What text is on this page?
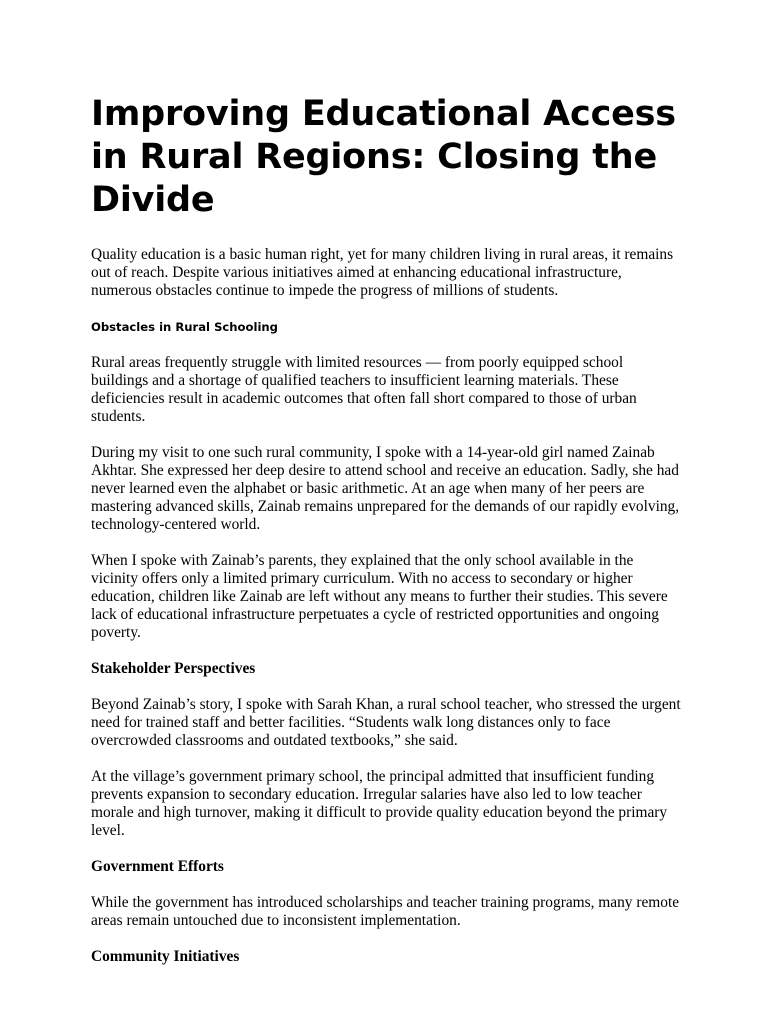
Improving Educational Access in Rural Regions: Closing the Divide

Quality education is a basic human right, yet for many children living in rural areas, it remains out of reach. Despite various initiatives aimed at enhancing educational infrastructure, numerous obstacles continue to impede the progress of millions of students.

Obstacles in Rural Schooling

Rural areas frequently struggle with limited resources — from poorly equipped school buildings and a shortage of qualified teachers to insufficient learning materials. These deficiencies result in academic outcomes that often fall short compared to those of urban students.

During my visit to one such rural community, I spoke with a 14-year-old girl named Zainab Akhtar. She expressed her deep desire to attend school and receive an education. Sadly, she had never learned even the alphabet or basic arithmetic. At an age when many of her peers are mastering advanced skills, Zainab remains unprepared for the demands of our rapidly evolving, technology-centered world.

When I spoke with Zainab’s parents, they explained that the only school available in the vicinity offers only a limited primary curriculum. With no access to secondary or higher education, children like Zainab are left without any means to further their studies. This severe lack of educational infrastructure perpetuates a cycle of restricted opportunities and ongoing poverty.

Stakeholder Perspectives

Beyond Zainab’s story, I spoke with Sarah Khan, a rural school teacher, who stressed the urgent need for trained staff and better facilities. “Students walk long distances only to face overcrowded classrooms and outdated textbooks,” she said.

At the village’s government primary school, the principal admitted that insufficient funding prevents expansion to secondary education. Irregular salaries have also led to low teacher morale and high turnover, making it difficult to provide quality education beyond the primary level.

Government Efforts

While the government has introduced scholarships and teacher training programs, many remote areas remain untouched due to inconsistent implementation.

Community Initiatives
